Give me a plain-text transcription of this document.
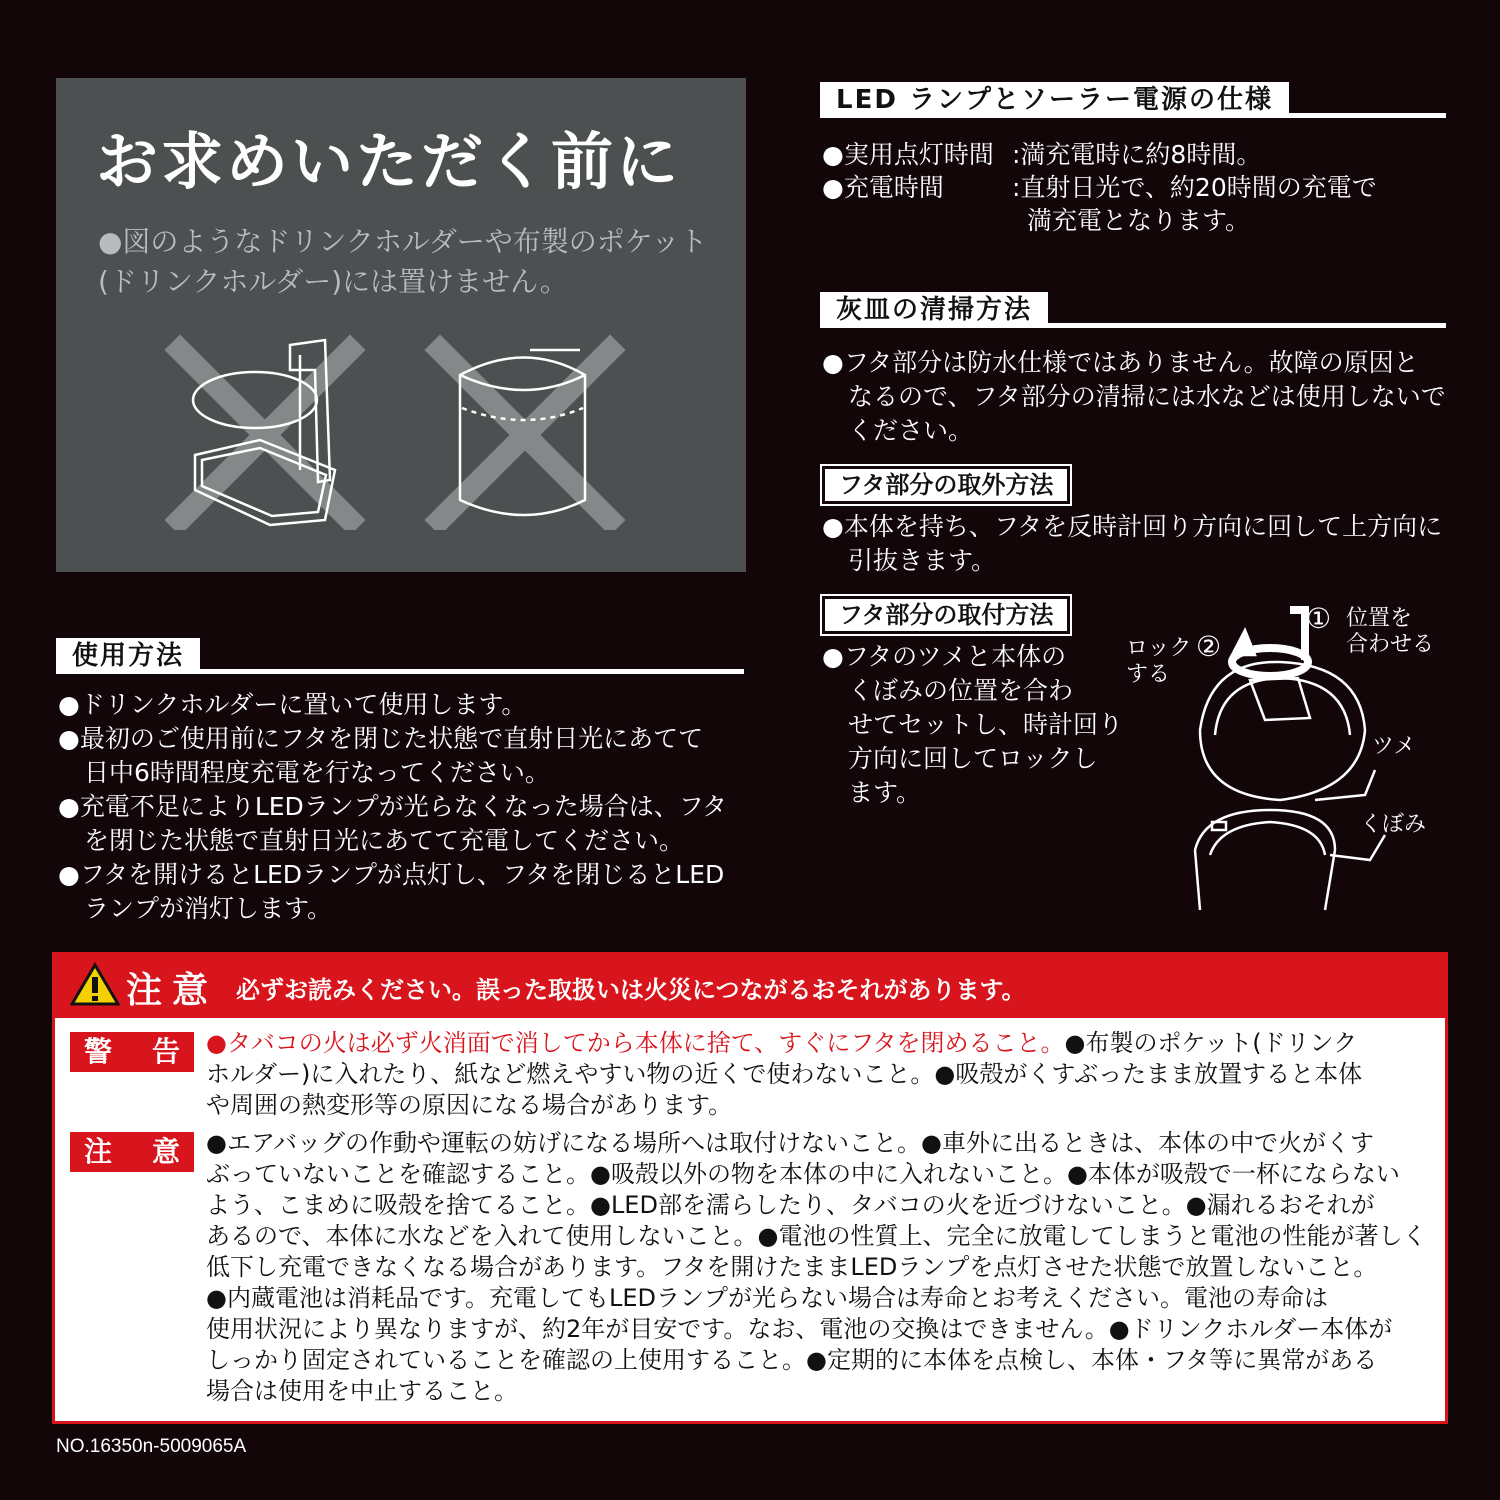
お求めいただく前に
●図のようなドリンクホルダーや布製のポケット
(ドリンクホルダー)には置けません。
使用方法
●ドリンクホルダーに置いて使用します。
●最初のご使用前にフタを閉じた状態で直射日光にあてて
日中6時間程度充電を行なってください。
●充電不足によりLEDランプが光らなくなった場合は、フタ
を閉じた状態で直射日光にあてて充電してください。
●フタを開けるとLEDランプが点灯し、フタを閉じるとLED
ランプが消灯します。
LED ランプとソーラー電源の仕様
●実用点灯時間 :満充電時に約8時間。
●充電時間	:直射日光で、約20時間の充電で
満充電となります。
灰皿の清掃方法
●フタ部分は防水仕様ではありません。故障の原因と
なるので、フタ部分の清掃には水などは使用しないで
ください。
フタ部分の取外方法
●本体を持ち、フタを反時計回り方向に回して上方向に
引抜きます。
フタ部分の取付方法
●フタのツメと本体の
くぼみの位置を合わ
せてセットし、時計回り
方向に回してロックし
ます。
① 位置を
合わせる
ロック
する
②
ツメ
くぼみ
注意 必ずお読みください。誤った取扱いは火災につながるおそれがあります。
警 告 ●タバコの火は必ず火消面で消してから本体に捨て、すぐにフタを閉めること。●布製のポケット(ドリンク
ホルダー)に入れたり、紙など燃えやすい物の近くで使わないこと。●吸殻がくすぶったまま放置すると本体
や周囲の熱変形等の原因になる場合があります。
注 意 ●エアバッグの作動や運転の妨げになる場所へは取付けないこと。●車外に出るときは、本体の中で火がくす
ぶっていないことを確認すること。●吸殻以外の物を本体の中に入れないこと。●本体が吸殻で一杯にならない
よう、こまめに吸殻を捨てること。●LED部を濡らしたり、タバコの火を近づけないこと。●漏れるおそれが
あるので、本体に水などを入れて使用しないこと。●電池の性質上、完全に放電してしまうと電池の性能が著しく
低下し充電できなくなる場合があります。フタを開けたままLEDランプを点灯させた状態で放置しないこと。
●内蔵電池は消耗品です。充電してもLEDランプが光らない場合は寿命とお考えください。電池の寿命は
使用状況により異なりますが、約2年が目安です。なお、電池の交換はできません。●ドリンクホルダー本体が
しっかり固定されていることを確認の上使用すること。●定期的に本体を点検し、本体・フタ等に異常がある
場合は使用を中止すること。
NO.16350n-5009065A
